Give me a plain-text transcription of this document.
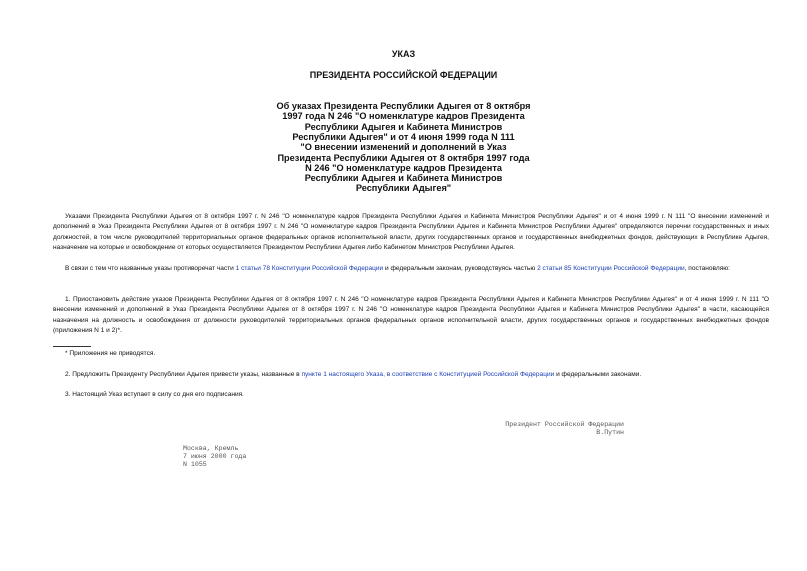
УКАЗ
ПРЕЗИДЕНТА РОССИЙСКОЙ ФЕДЕРАЦИИ
Об указах Президента Республики Адыгея от 8 октября
1997 года N 246 "О номенклатуре кадров Президента
Республики Адыгея и Кабинета Министров
Республики Адыгея" и от 4 июня 1999 года N 111
"О внесении изменений и дополнений в Указ
Президента Республики Адыгея от 8 октября 1997 года
N 246 "О номенклатуре кадров Президента
Республики Адыгея и Кабинета Министров
Республики Адыгея"
Указами Президента Республики Адыгея от 8 октября 1997 г. N 246 "О номенклатуре кадров Президента Республики Адыгея и Кабинета Министров Республики Адыгея" и от 4 июня 1999 г. N 111 "О внесении изменений и дополнений в Указ Президента Республики Адыгея от 8 октября 1997 г. N 246 "О номенклатуре кадров Президента Республики Адыгея и Кабинета Министров Республики Адыгея" определяются перечни государственных и иных должностей, в том числе руководителей территориальных органов федеральных органов исполнительной власти, других государственных органов и государственных внебюджетных фондов, действующих в Республике Адыгея, назначение на которые и освобождение от которых осуществляется Президентом Республики Адыгея либо Кабинетом Министров Республики Адыгея.
В связи с тем что названные указы противоречат части 1 статьи 78 Конституции Российской Федерации и федеральным законам, руководствуясь частью 2 статьи 85 Конституции Российской Федерации, постановляю:
1. Приостановить действие указов Президента Республики Адыгея от 8 октября 1997 г. N 246 "О номенклатуре кадров Президента Республики Адыгея и Кабинета Министров Республики Адыгея" и от 4 июня 1999 г. N 111 "О внесении изменений и дополнений в Указ Президента Республики Адыгея от 8 октября 1997 г. N 246 "О номенклатуре кадров Президента Республики Адыгея и Кабинета Министров Республики Адыгея" в части, касающейся назначения на должность и освобождения от должности руководителей территориальных органов федеральных органов исполнительной власти, других государственных органов и государственных внебюджетных фондов (приложения N 1 и 2)*.
* Приложения не приводятся.
2. Предложить Президенту Республики Адыгея привести указы, названные в пункте 1 настоящего Указа, в соответствие с Конституцией Российской Федерации и федеральными законами.
3. Настоящий Указ вступает в силу со дня его подписания.
Президент Российской Федерации
В.Путин
Москва, Кремль
7 июня 2000 года
N 1055
